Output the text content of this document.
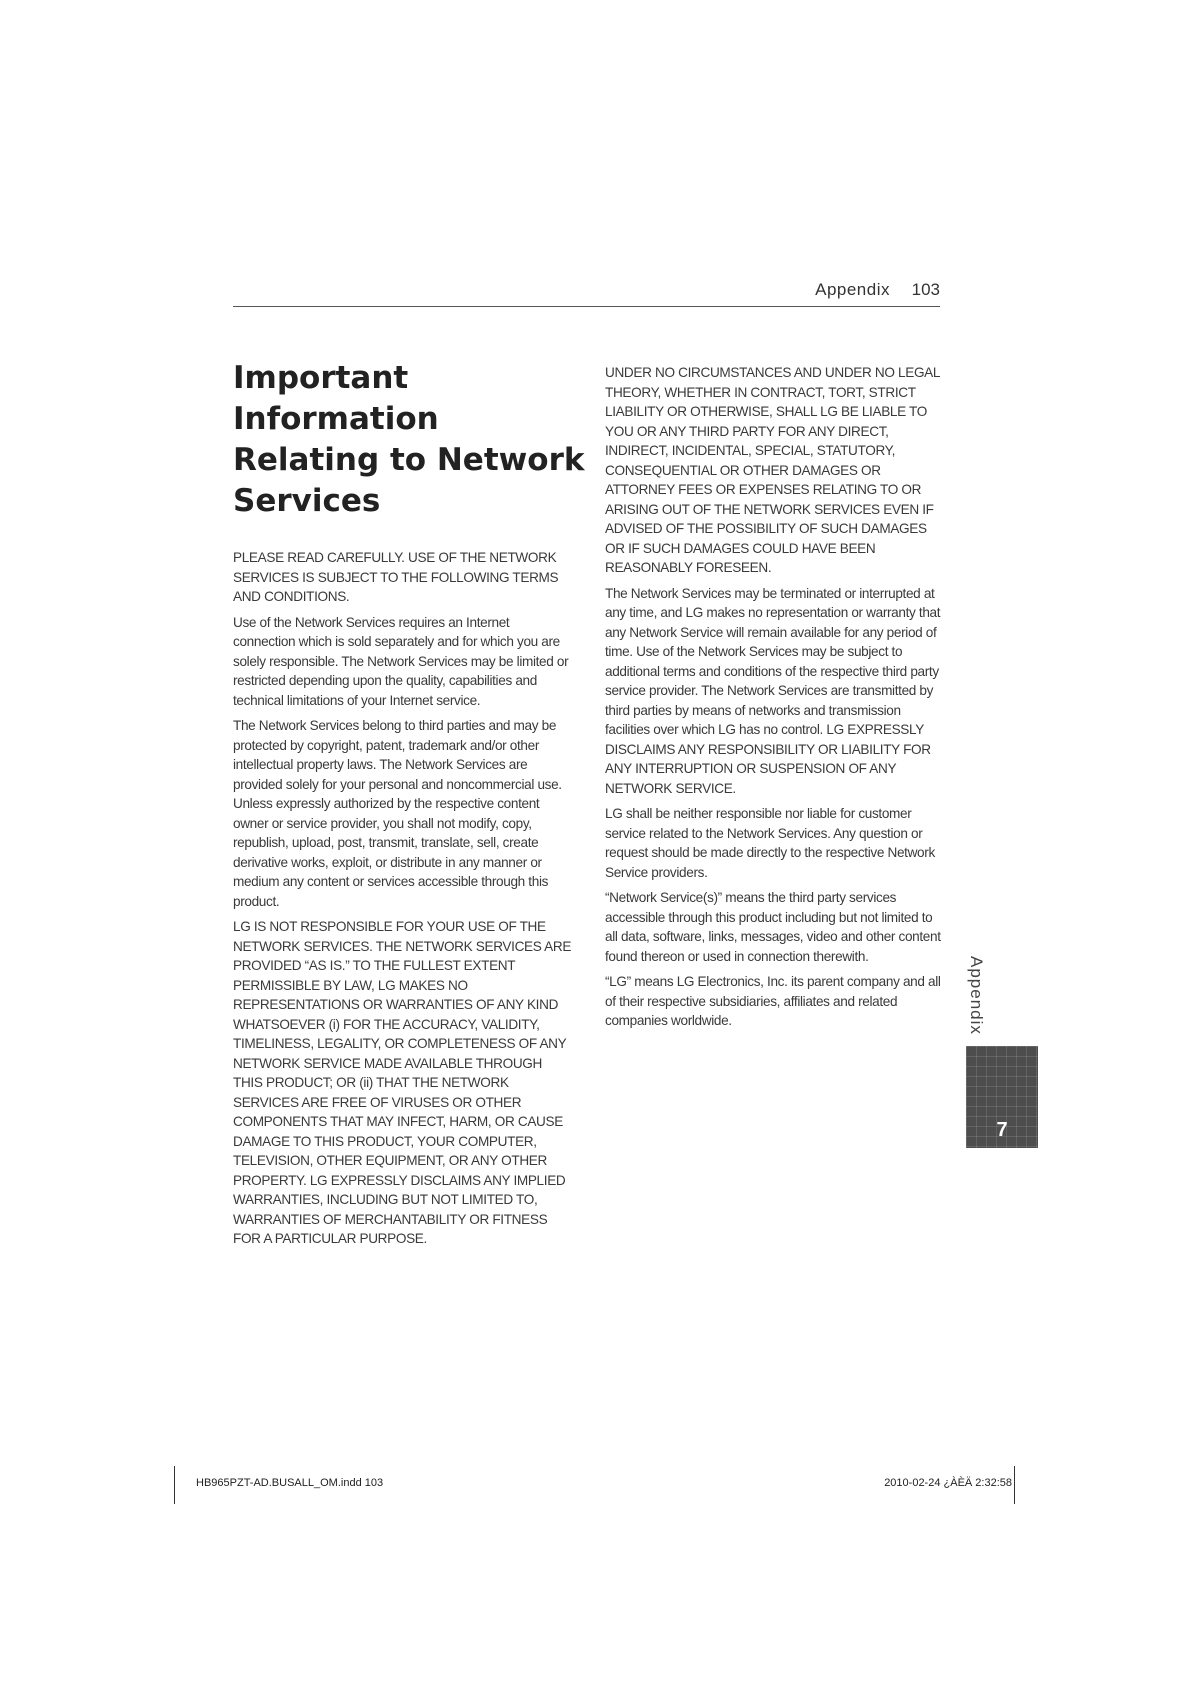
Appendix 103
Important Information Relating to Network Services

PLEASE READ CAREFULLY. USE OF THE NETWORK SERVICES IS SUBJECT TO THE FOLLOWING TERMS AND CONDITIONS.

Use of the Network Services requires an Internet connection which is sold separately and for which you are solely responsible. The Network Services may be limited or restricted depending upon the quality, capabilities and technical limitations of your Internet service.

The Network Services belong to third parties and may be protected by copyright, patent, trademark and/or other intellectual property laws. The Network Services are provided solely for your personal and noncommercial use. Unless expressly authorized by the respective content owner or service provider, you shall not modify, copy, republish, upload, post, transmit, translate, sell, create derivative works, exploit, or distribute in any manner or medium any content or services accessible through this product.

LG IS NOT RESPONSIBLE FOR YOUR USE OF THE NETWORK SERVICES. THE NETWORK SERVICES ARE PROVIDED “AS IS.” TO THE FULLEST EXTENT PERMISSIBLE BY LAW, LG MAKES NO REPRESENTATIONS OR WARRANTIES OF ANY KIND WHATSOEVER (i) FOR THE ACCURACY, VALIDITY, TIMELINESS, LEGALITY, OR COMPLETENESS OF ANY NETWORK SERVICE MADE AVAILABLE THROUGH THIS PRODUCT; OR (ii) THAT THE NETWORK SERVICES ARE FREE OF VIRUSES OR OTHER COMPONENTS THAT MAY INFECT, HARM, OR CAUSE DAMAGE TO THIS PRODUCT, YOUR COMPUTER, TELEVISION, OTHER EQUIPMENT, OR ANY OTHER PROPERTY. LG EXPRESSLY DISCLAIMS ANY IMPLIED WARRANTIES, INCLUDING BUT NOT LIMITED TO, WARRANTIES OF MERCHANTABILITY OR FITNESS FOR A PARTICULAR PURPOSE.

UNDER NO CIRCUMSTANCES AND UNDER NO LEGAL THEORY, WHETHER IN CONTRACT, TORT, STRICT LIABILITY OR OTHERWISE, SHALL LG BE LIABLE TO YOU OR ANY THIRD PARTY FOR ANY DIRECT, INDIRECT, INCIDENTAL, SPECIAL, STATUTORY, CONSEQUENTIAL OR OTHER DAMAGES OR ATTORNEY FEES OR EXPENSES RELATING TO OR ARISING OUT OF THE NETWORK SERVICES EVEN IF ADVISED OF THE POSSIBILITY OF SUCH DAMAGES OR IF SUCH DAMAGES COULD HAVE BEEN REASONABLY FORESEEN.

The Network Services may be terminated or interrupted at any time, and LG makes no representation or warranty that any Network Service will remain available for any period of time. Use of the Network Services may be subject to additional terms and conditions of the respective third party service provider. The Network Services are transmitted by third parties by means of networks and transmission facilities over which LG has no control. LG EXPRESSLY DISCLAIMS ANY RESPONSIBILITY OR LIABILITY FOR ANY INTERRUPTION OR SUSPENSION OF ANY NETWORK SERVICE.

LG shall be neither responsible nor liable for customer service related to the Network Services. Any question or request should be made directly to the respective Network Service providers.

“Network Service(s)” means the third party services accessible through this product including but not limited to all data, software, links, messages, video and other content found thereon or used in connection therewith.

“LG” means LG Electronics, Inc. its parent company and all of their respective subsidiaries, affiliates and related companies worldwide.	Appendix
7
HB965PZT-AD.BUSALL_OM.indd 103	2010-02-24 ¿ÀÈÄ 2:32:58
